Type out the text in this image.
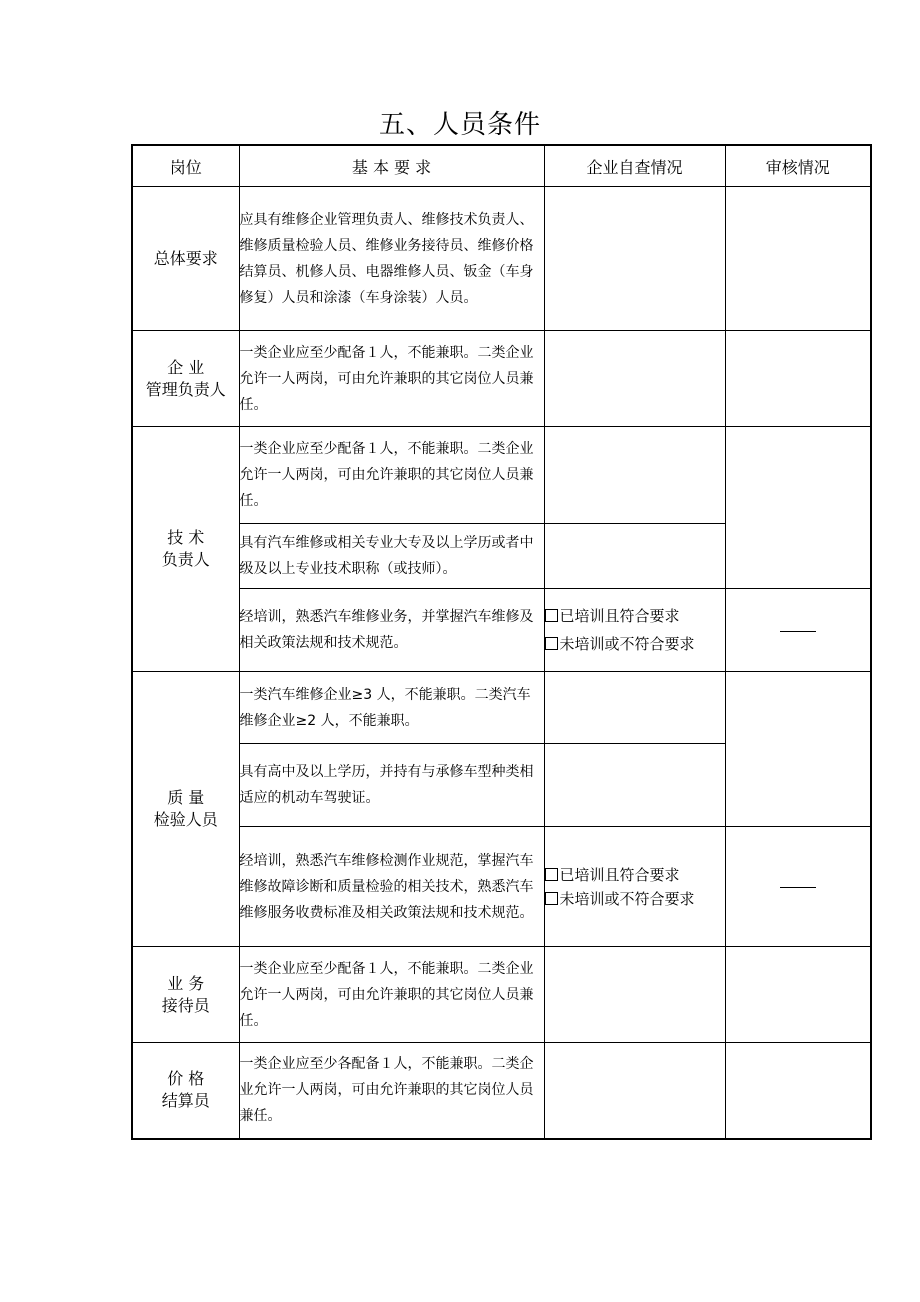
五、人员条件
岗位	基 本 要 求	企业自查情况	审核情况
总体要求	应具有维修企业管理负责人、维修技术负责人、维修质量检验人员、维修业务接待员、维修价格结算员、机修人员、电器维修人员、钣金（车身修复）人员和涂漆（车身涂装）人员。		

企 业
管理负责人	一类企业应至少配备１人，不能兼职。二类企业允许一人两岗，可由允许兼职的其它岗位人员兼任。		

技 术
负责人	一类企业应至少配备１人，不能兼职。二类企业允许一人两岗，可由允许兼职的其它岗位人员兼任。		
	具有汽车维修或相关专业大专及以上学历或者中级及以上专业技术职称（或技师）。		
	经培训，熟悉汽车维修业务，并掌握汽车维修及相关政策法规和技术规范。	已培训且符合要求
未培训或不符合要求	

质 量
检验人员	一类汽车维修企业≥3 人，不能兼职。二类汽车维修企业≥2 人，不能兼职。		
	具有高中及以上学历，并持有与承修车型种类相适应的机动车驾驶证。		
	经培训，熟悉汽车维修检测作业规范，掌握汽车维修故障诊断和质量检验的相关技术，熟悉汽车维修服务收费标准及相关政策法规和技术规范。	已培训且符合要求
未培训或不符合要求	

业 务
接待员	一类企业应至少配备１人，不能兼职。二类企业允许一人两岗，可由允许兼职的其它岗位人员兼任。		

价 格
结算员	一类企业应至少各配备１人，不能兼职。二类企业允许一人两岗，可由允许兼职的其它岗位人员兼任。		
